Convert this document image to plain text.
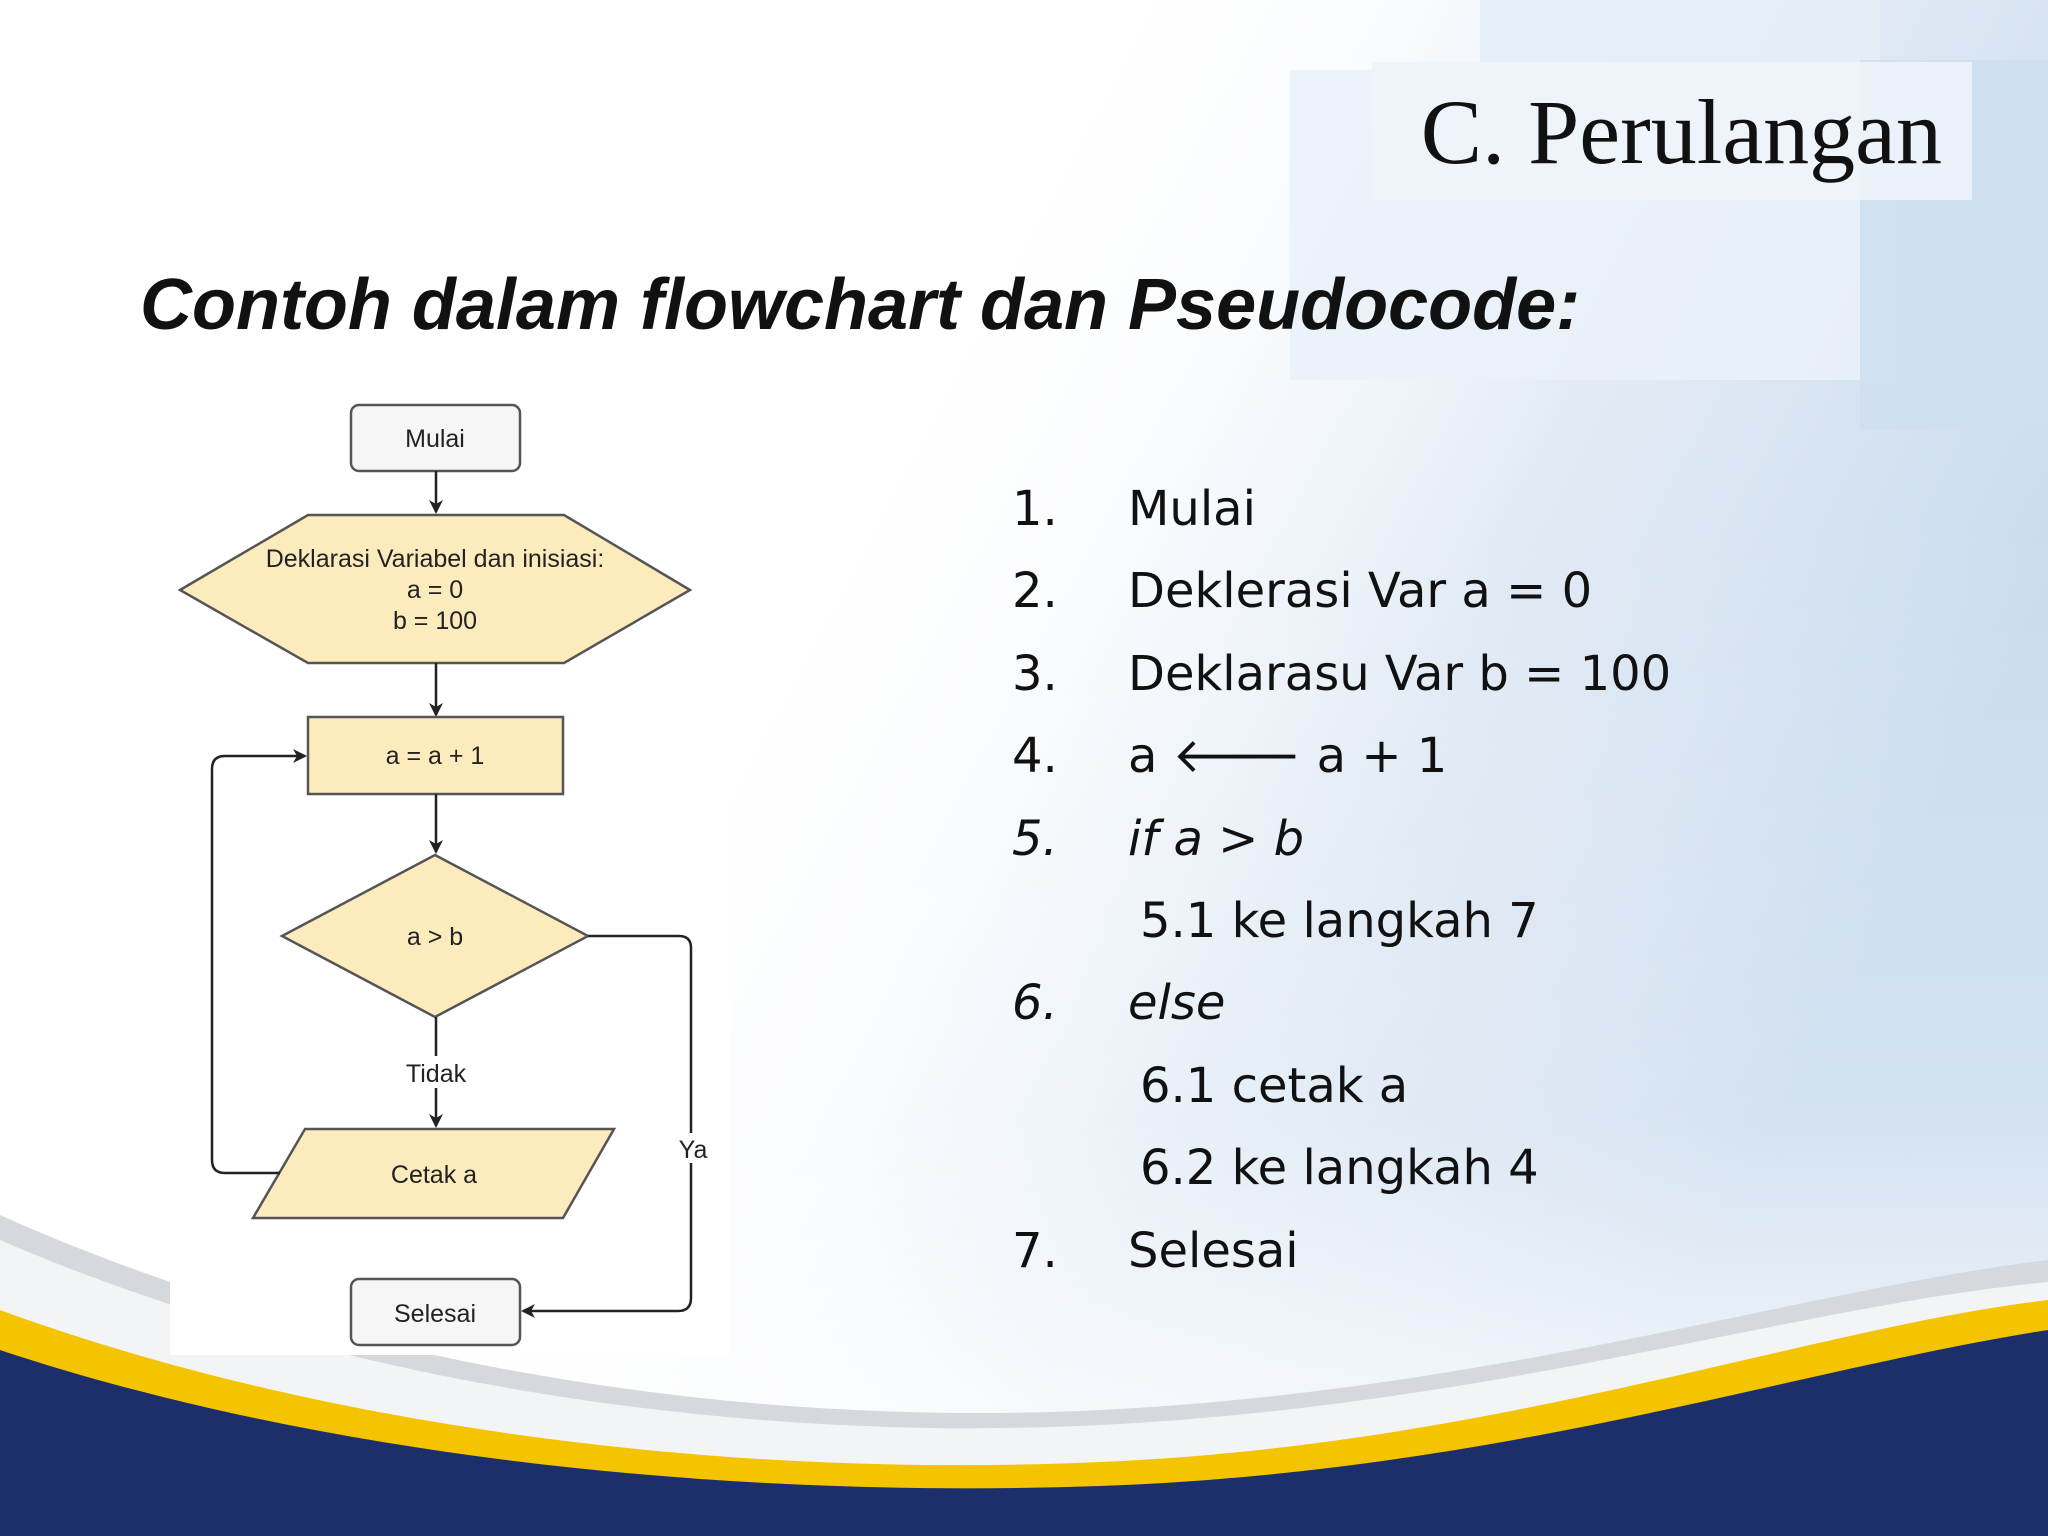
C. Perulangan
Contoh dalam flowchart dan Pseudocode:
Mulai
Deklarasi Variabel dan inisiasi:
a = 0
b = 100
a = a + 1
a > b
Tidak
Cetak a
Ya
Selesai
1. Mulai
2. Deklerasi Var a = 0
3. Deklarasu Var b = 100
4. a 🡐 a + 1
5. if a > b
5.1 ke langkah 7
6. else
6.1 cetak a
6.2 ke langkah 4
7. Selesai
